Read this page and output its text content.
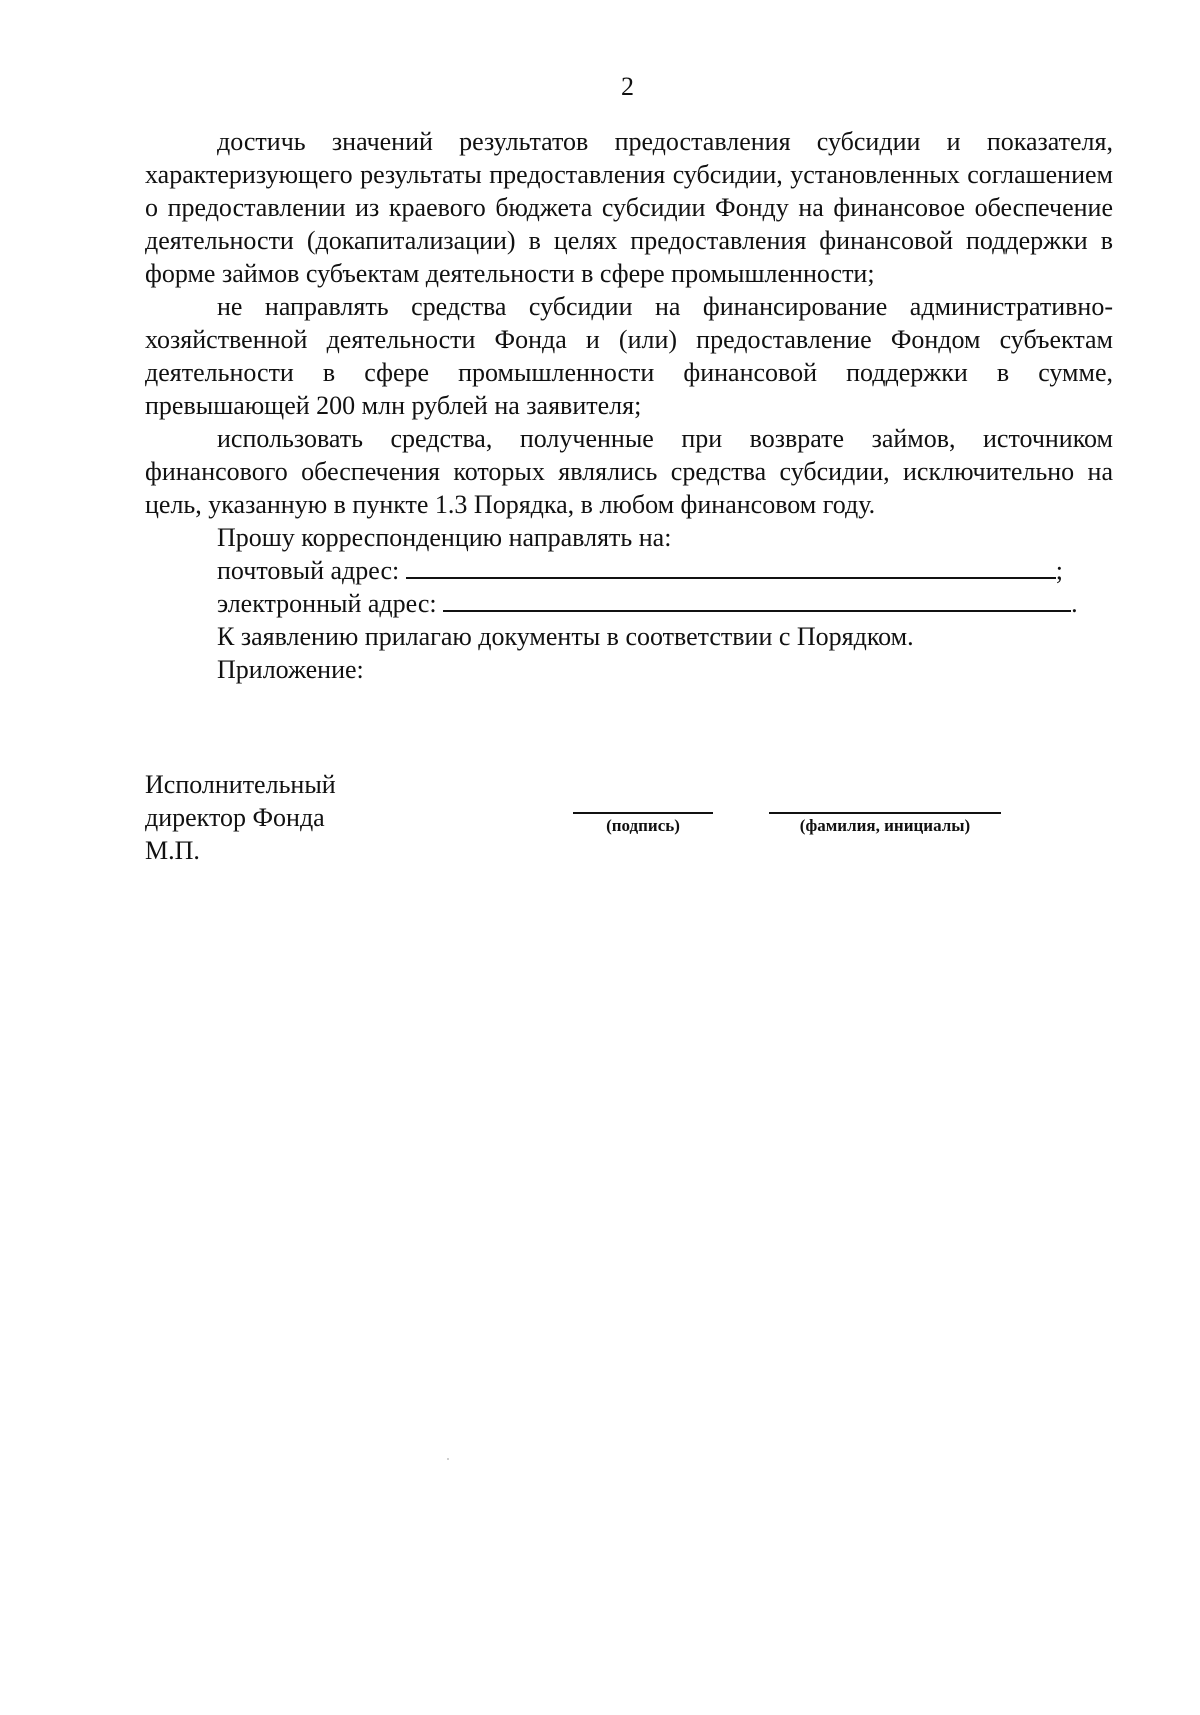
2

достичь значений результатов предоставления субсидии и показателя, характеризующего результаты предоставления субсидии, установленных соглашением о предоставлении из краевого бюджета субсидии Фонду на финансовое обеспечение деятельности (докапитализации) в целях предоставления финансовой поддержки в форме займов субъектам деятельности в сфере промышленности;

не направлять средства субсидии на финансирование административно-хозяйственной деятельности Фонда и (или) предоставление Фондом субъектам деятельности в сфере промышленности финансовой поддержки в сумме, превышающей 200 млн рублей на заявителя;

использовать средства, полученные при возврате займов, источником финансового обеспечения которых являлись средства субсидии, исключительно на цель, указанную в пункте 1.3 Порядка, в любом финансовом году.

Прошу корреспонденцию направлять на:

почтовый адрес:	;

электронный адрес:	.

К заявлению прилагаю документы в соответствии с Порядком.

Приложение:

Исполнительный
директор Фонда
М.П.
(подпись)	(фамилия, инициалы)
